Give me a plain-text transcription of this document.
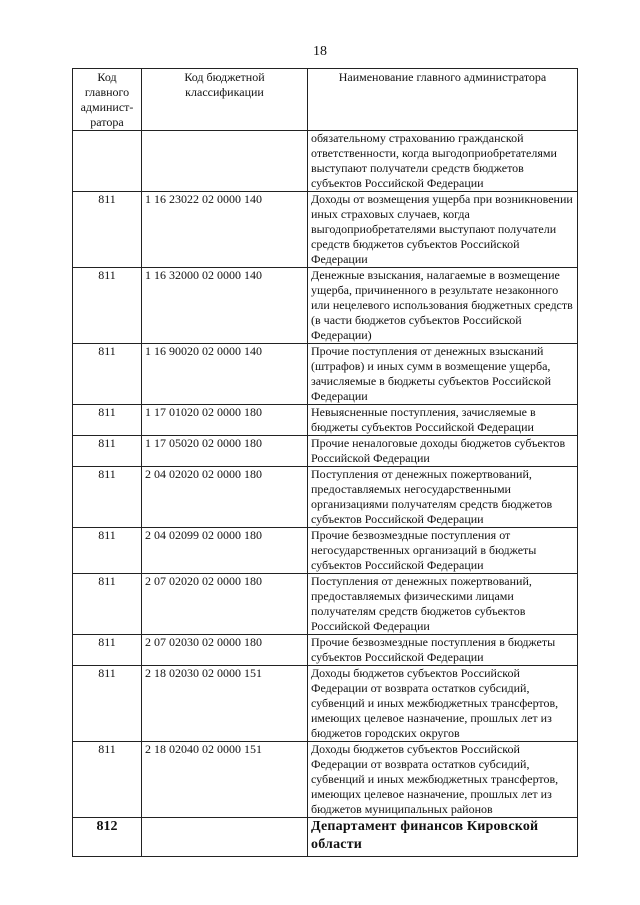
18
Код главного админист-ратора	Код бюджетной классификации	Наименование главного администратора
		обязательному страхованию гражданской ответственности, когда выгодоприобретателями выступают получатели средств бюджетов субъектов Российской Федерации
811	1 16 23022 02 0000 140	Доходы от возмещения ущерба при возникновении иных страховых случаев, когда выгодоприобретателями выступают получатели средств бюджетов субъектов Российской Федерации
811	1 16 32000 02 0000 140	Денежные взыскания, налагаемые в возмещение ущерба, причиненного в результате незаконного или нецелевого использования бюджетных средств (в части бюджетов субъектов Российской Федерации)
811	1 16 90020 02 0000 140	Прочие поступления от денежных взысканий (штрафов) и иных сумм в возмещение ущерба, зачисляемые в бюджеты субъектов Российской Федерации
811	1 17 01020 02 0000 180	Невыясненные поступления, зачисляемые в бюджеты субъектов Российской Федерации
811	1 17 05020 02 0000 180	Прочие неналоговые доходы бюджетов субъектов Российской Федерации
811	2 04 02020 02 0000 180	Поступления от денежных пожертвований, предоставляемых негосударственными организациями получателям средств бюджетов субъектов Российской Федерации
811	2 04 02099 02 0000 180	Прочие безвозмездные поступления от негосударственных организаций в бюджеты субъектов Российской Федерации
811	2 07 02020 02 0000 180	Поступления от денежных пожертвований, предоставляемых физическими лицами получателям средств бюджетов субъектов Российской Федерации
811	2 07 02030 02 0000 180	Прочие безвозмездные поступления в бюджеты субъектов Российской Федерации
811	2 18 02030 02 0000 151	Доходы бюджетов субъектов Российской Федерации от возврата остатков субсидий, субвенций и иных межбюджетных трансфертов, имеющих целевое назначение, прошлых лет из бюджетов городских округов
811	2 18 02040 02 0000 151	Доходы бюджетов субъектов Российской Федерации от возврата остатков субсидий, субвенций и иных межбюджетных трансфертов, имеющих целевое назначение, прошлых лет из бюджетов муниципальных районов
812		Департамент финансов Кировской области
